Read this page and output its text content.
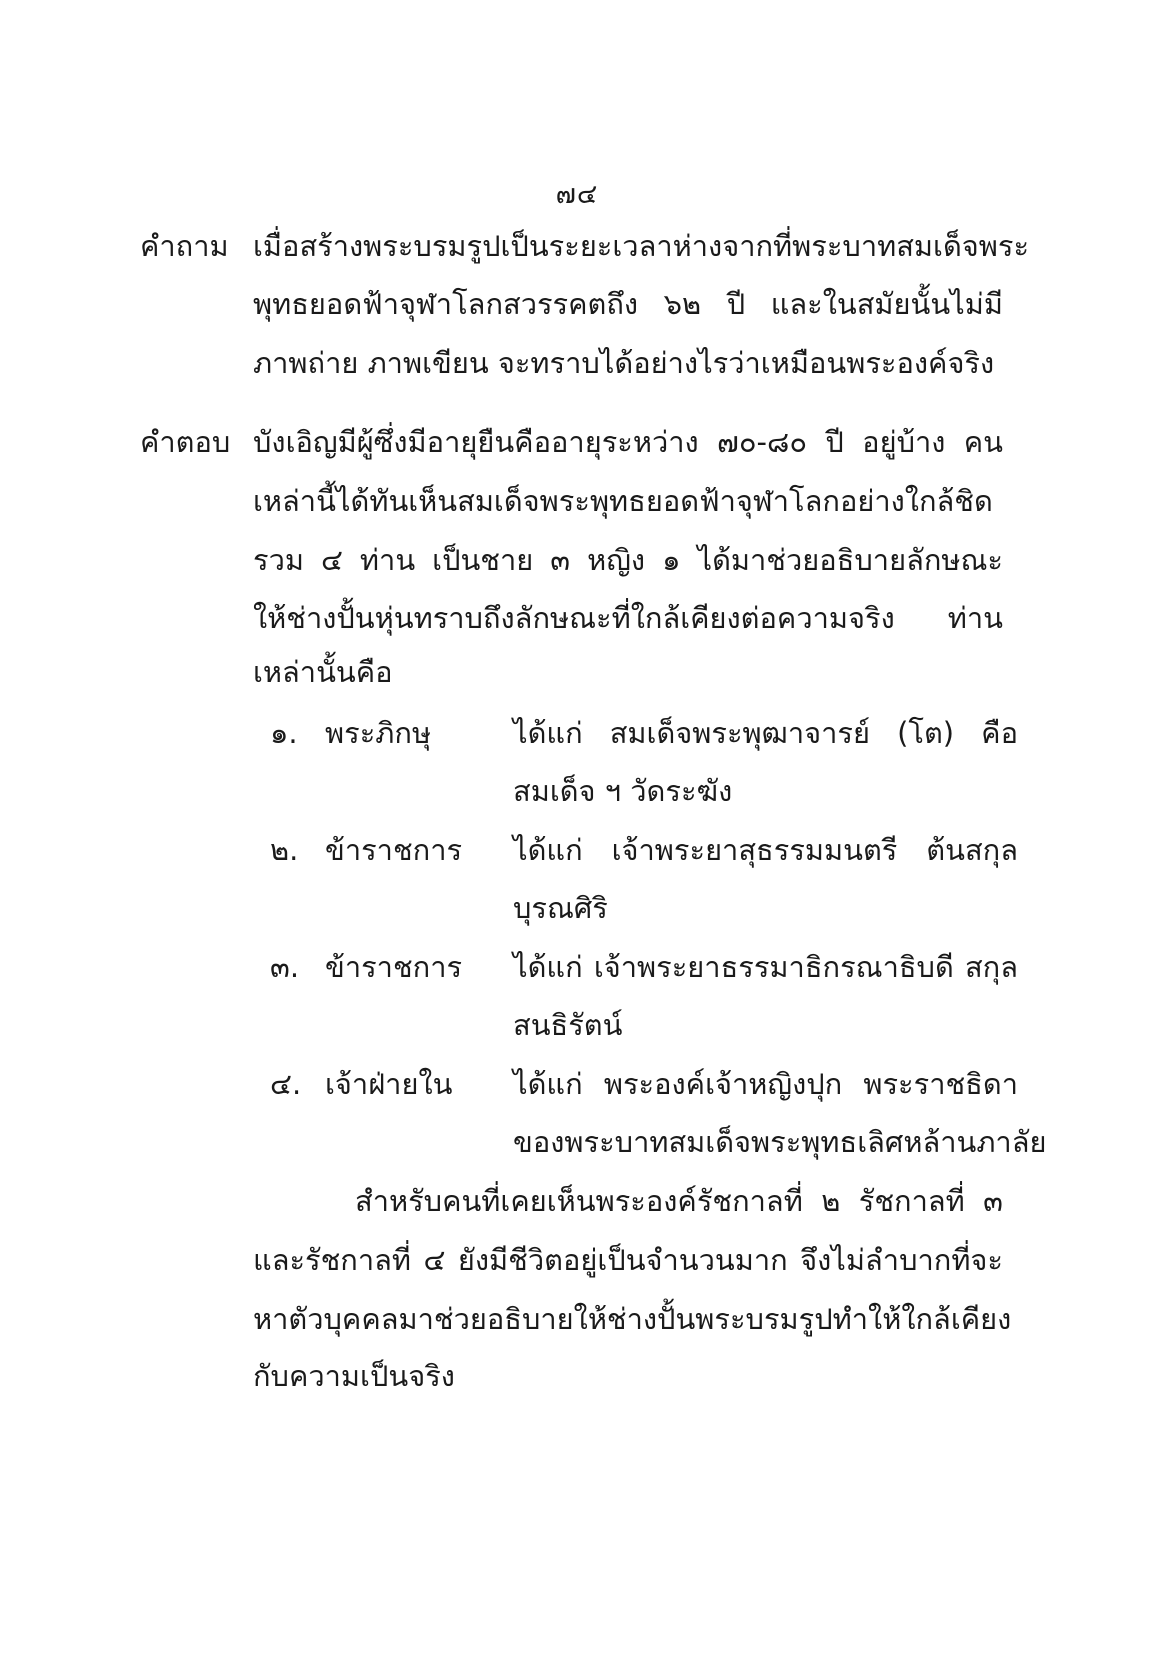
๗๔
คำถาม เมื่อสร้างพระบรมรูปเป็นระยะเวลาห่างจากที่พระบาทสมเด็จพระ
พุทธยอดฟ้าจุฬาโลกสวรรคตถึง ๖๒ ปี และในสมัยนั้นไม่มี
ภาพถ่าย ภาพเขียน จะทราบได้อย่างไรว่าเหมือนพระองค์จริง
คำตอบ บังเอิญมีผู้ซึ่งมีอายุยืนคืออายุระหว่าง ๗๐-๘๐ ปี อยู่บ้าง คน
เหล่านี้ได้ทันเห็นสมเด็จพระพุทธยอดฟ้าจุฬาโลกอย่างใกล้ชิด
รวม ๔ ท่าน เป็นชาย ๓ หญิง ๑ ได้มาช่วยอธิบายลักษณะ
ให้ช่างปั้นหุ่นทราบถึงลักษณะที่ใกล้เคียงต่อความจริง ท่าน
เหล่านั้นคือ
๑. พระภิกษุ	ได้แก่ สมเด็จพระพุฒาจารย์ (โต) คือ
สมเด็จ ฯ วัดระฆัง
๒. ข้าราชการ ได้แก่ เจ้าพระยาสุธรรมมนตรี ต้นสกุล
บุรณศิริ
๓. ข้าราชการ ได้แก่ เจ้าพระยาธรรมาธิกรณาธิบดี สกุล
สนธิรัตน์
๔. เจ้าฝ่ายใน ได้แก่ พระองค์เจ้าหญิงปุก พระราชธิดา
ของพระบาทสมเด็จพระพุทธเลิศหล้านภาลัย
สำหรับคนที่เคยเห็นพระองค์รัชกาลที่ ๒ รัชกาลที่ ๓
และรัชกาลที่ ๔ ยังมีชีวิตอยู่เป็นจำนวนมาก จึงไม่ลำบากที่จะ
หาตัวบุคคลมาช่วยอธิบายให้ช่างปั้นพระบรมรูปทำให้ใกล้เคียง
กับความเป็นจริง
